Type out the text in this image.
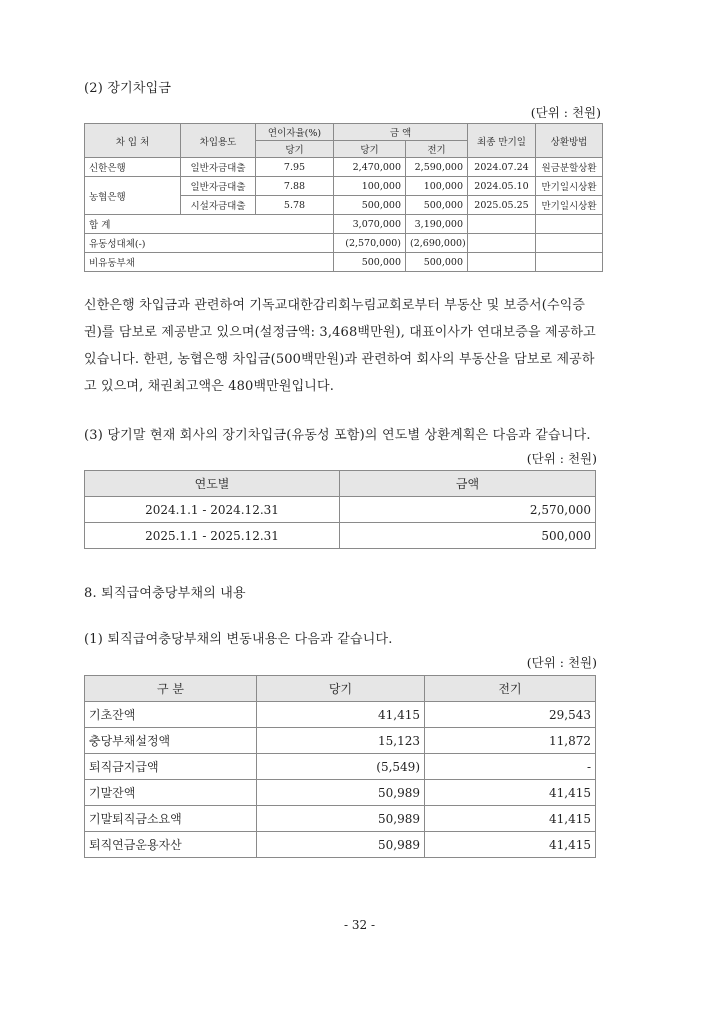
(2) 장기차입금
(단위 : 천원)
차 입 처	차입용도	연이자율(%)	금 액		최종 만기일	상환방법
		당기	당기	전기		
신한은행	일반자금대출	7.95	2,470,000	2,590,000	2024.07.24	원금분할상환
농협은행	일반자금대출	7.88	100,000	100,000	2024.05.10	만기일시상환
	시설자금대출	5.78	500,000	500,000	2025.05.25	만기일시상환
합 계			3,070,000	3,190,000		
유동성대체(-)			(2,570,000)	(2,690,000)		
비유동부채			500,000	500,000		
신한은행 차입금과 관련하여 기독교대한감리회누림교회로부터 부동산 및 보증서(수익증
권)를 담보로 제공받고 있으며(설정금액: 3,468백만원), 대표이사가 연대보증을 제공하고
있습니다. 한편, 농협은행 차입금(500백만원)과 관련하여 회사의 부동산을 담보로 제공하
고 있으며, 채권최고액은 480백만원입니다.
(3) 당기말 현재 회사의 장기차입금(유동성 포함)의 연도별 상환계획은 다음과 같습니다.
(단위 : 천원)
연도별	금액
2024.1.1 - 2024.12.31	2,570,000
2025.1.1 - 2025.12.31	500,000
8. 퇴직급여충당부채의 내용
(1) 퇴직급여충당부채의 변동내용은 다음과 같습니다.
(단위 : 천원)
구 분	당기	전기
기초잔액	41,415	29,543
충당부채설정액	15,123	11,872
퇴직금지급액	(5,549)	-
기말잔액	50,989	41,415
기말퇴직금소요액	50,989	41,415
퇴직연금운용자산	50,989	41,415
- 32 -
